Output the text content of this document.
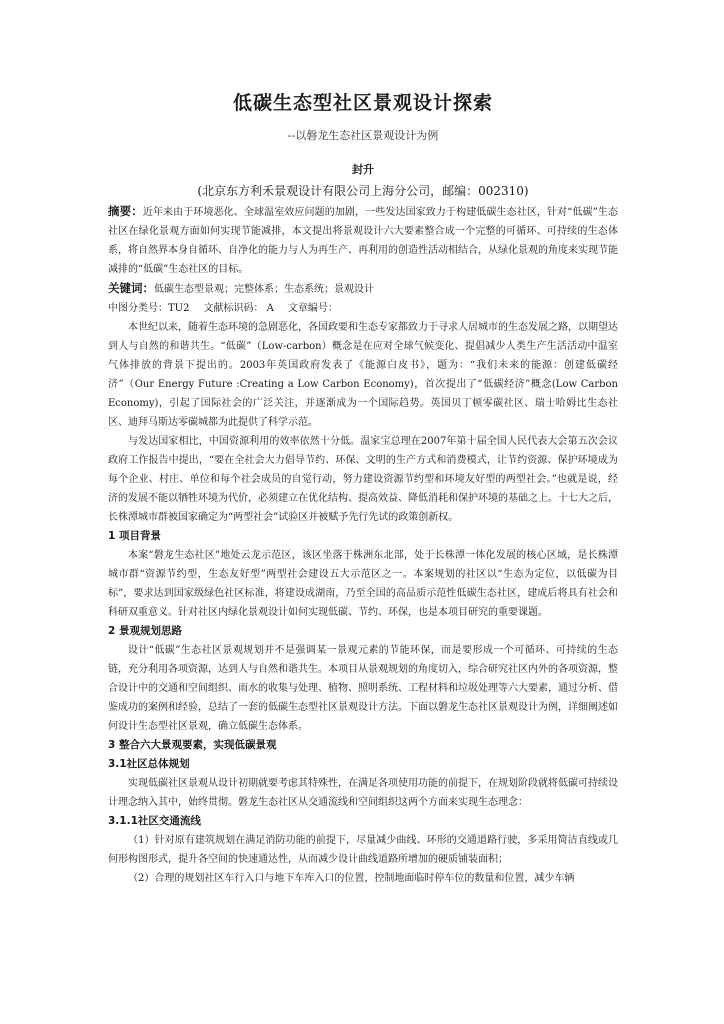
低碳生态型社区景观设计探索
--以磐龙生态社区景观设计为例
封升
(北京东方利禾景观设计有限公司上海分公司，邮编：002310)

摘要：近年来由于环境恶化、全球温室效应问题的加剧，一些发达国家致力于构建低碳生态社区，针对“低碳”生态社区在绿化景观方面如何实现节能减排，本文提出将景观设计六大要素整合成一个完整的可循环、可持续的生态体系，将自然界本身自循环、自净化的能力与人为再生产、再利用的创造性活动相结合，从绿化景观的角度来实现节能减排的“低碳”生态社区的目标。

关键词：低碳生态型景观；完整体系；生态系统；景观设计

中图分类号：TU2 文献标识码： A 文章编号：

本世纪以来，随着生态环境的急剧恶化，各国政要和生态专家都致力于寻求人居城市的生态发展之路，以期望达到人与自然的和谐共生。“低碳”（Low-carbon）概念是在应对全球气候变化、提倡减少人类生产生活活动中温室气体排放的背景下提出的。2003年英国政府发表了《能源白皮书》，题为：“我们未来的能源：创建低碳经济”（Our Energy Future :Creating a Low Carbon Economy)，首次提出了“低碳经济”概念(Low Carbon Economy)，引起了国际社会的广泛关注，并逐渐成为一个国际趋势。英国贝丁顿零碳社区、瑞士哈姆比生态社区、迪拜马斯达零碳城都为此提供了科学示范。

与发达国家相比，中国资源利用的效率依然十分低。温家宝总理在2007年第十届全国人民代表大会第五次会议政府工作报告中提出，“要在全社会大力倡导节约、环保、文明的生产方式和消费模式，让节约资源、保护环境成为每个企业、村庄、单位和每个社会成员的自觉行动，努力建设资源节约型和环境友好型的两型社会。”也就是说，经济的发展不能以牺牲环境为代价，必须建立在优化结构、提高效益、降低消耗和保护环境的基础之上。十七大之后，长株潭城市群被国家确定为“两型社会”试验区并被赋予先行先试的政策创新权。

1 项目背景

本案“磐龙生态社区”地处云龙示范区，该区坐落于株洲东北部，处于长株潭一体化发展的核心区域，是长株潭城市群“资源节约型，生态友好型”两型社会建设五大示范区之一。本案规划的社区以“生态为定位，以低碳为目标”，要求达到国家级绿色社区标准，将建设成湖南，乃至全国的高品质示范性低碳生态社区，建成后将具有社会和科研双重意义。针对社区内绿化景观设计如何实现低碳、节约、环保，也是本项目研究的重要课题。

2 景观规划思路

设计“低碳”生态社区景观规划并不是强调某一景观元素的节能环保，而是要形成一个可循环、可持续的生态链，充分利用各项资源，达到人与自然和谐共生。本项目从景观规划的角度切入，综合研究社区内外的各项资源，整合设计中的交通和空间组织、雨水的收集与处理、植物、照明系统、工程材料和垃圾处理等六大要素，通过分析、借鉴成功的案例和经验，总结了一套的低碳生态型社区景观设计方法。下面以磐龙生态社区景观设计为例，详细阐述如何设计生态型社区景观，确立低碳生态体系。

3 整合六大景观要素，实现低碳景观
3.1社区总体规划

实现低碳社区景观从设计初期就要考虑其特殊性，在满足各项使用功能的前提下，在规划阶段就将低碳可持续设计理念纳入其中，始终贯彻。磐龙生态社区从交通流线和空间组织这两个方面来实现生态理念：

3.1.1社区交通流线

（1）针对原有建筑规划在满足消防功能的前提下，尽量减少曲线、环形的交通道路行驶，多采用简洁直线或几何形构图形式，提升各空间的快速通达性，从而减少设计曲线道路所增加的硬质铺装面积；

（2）合理的规划社区车行入口与地下车库入口的位置，控制地面临时停车位的数量和位置，减少车辆
